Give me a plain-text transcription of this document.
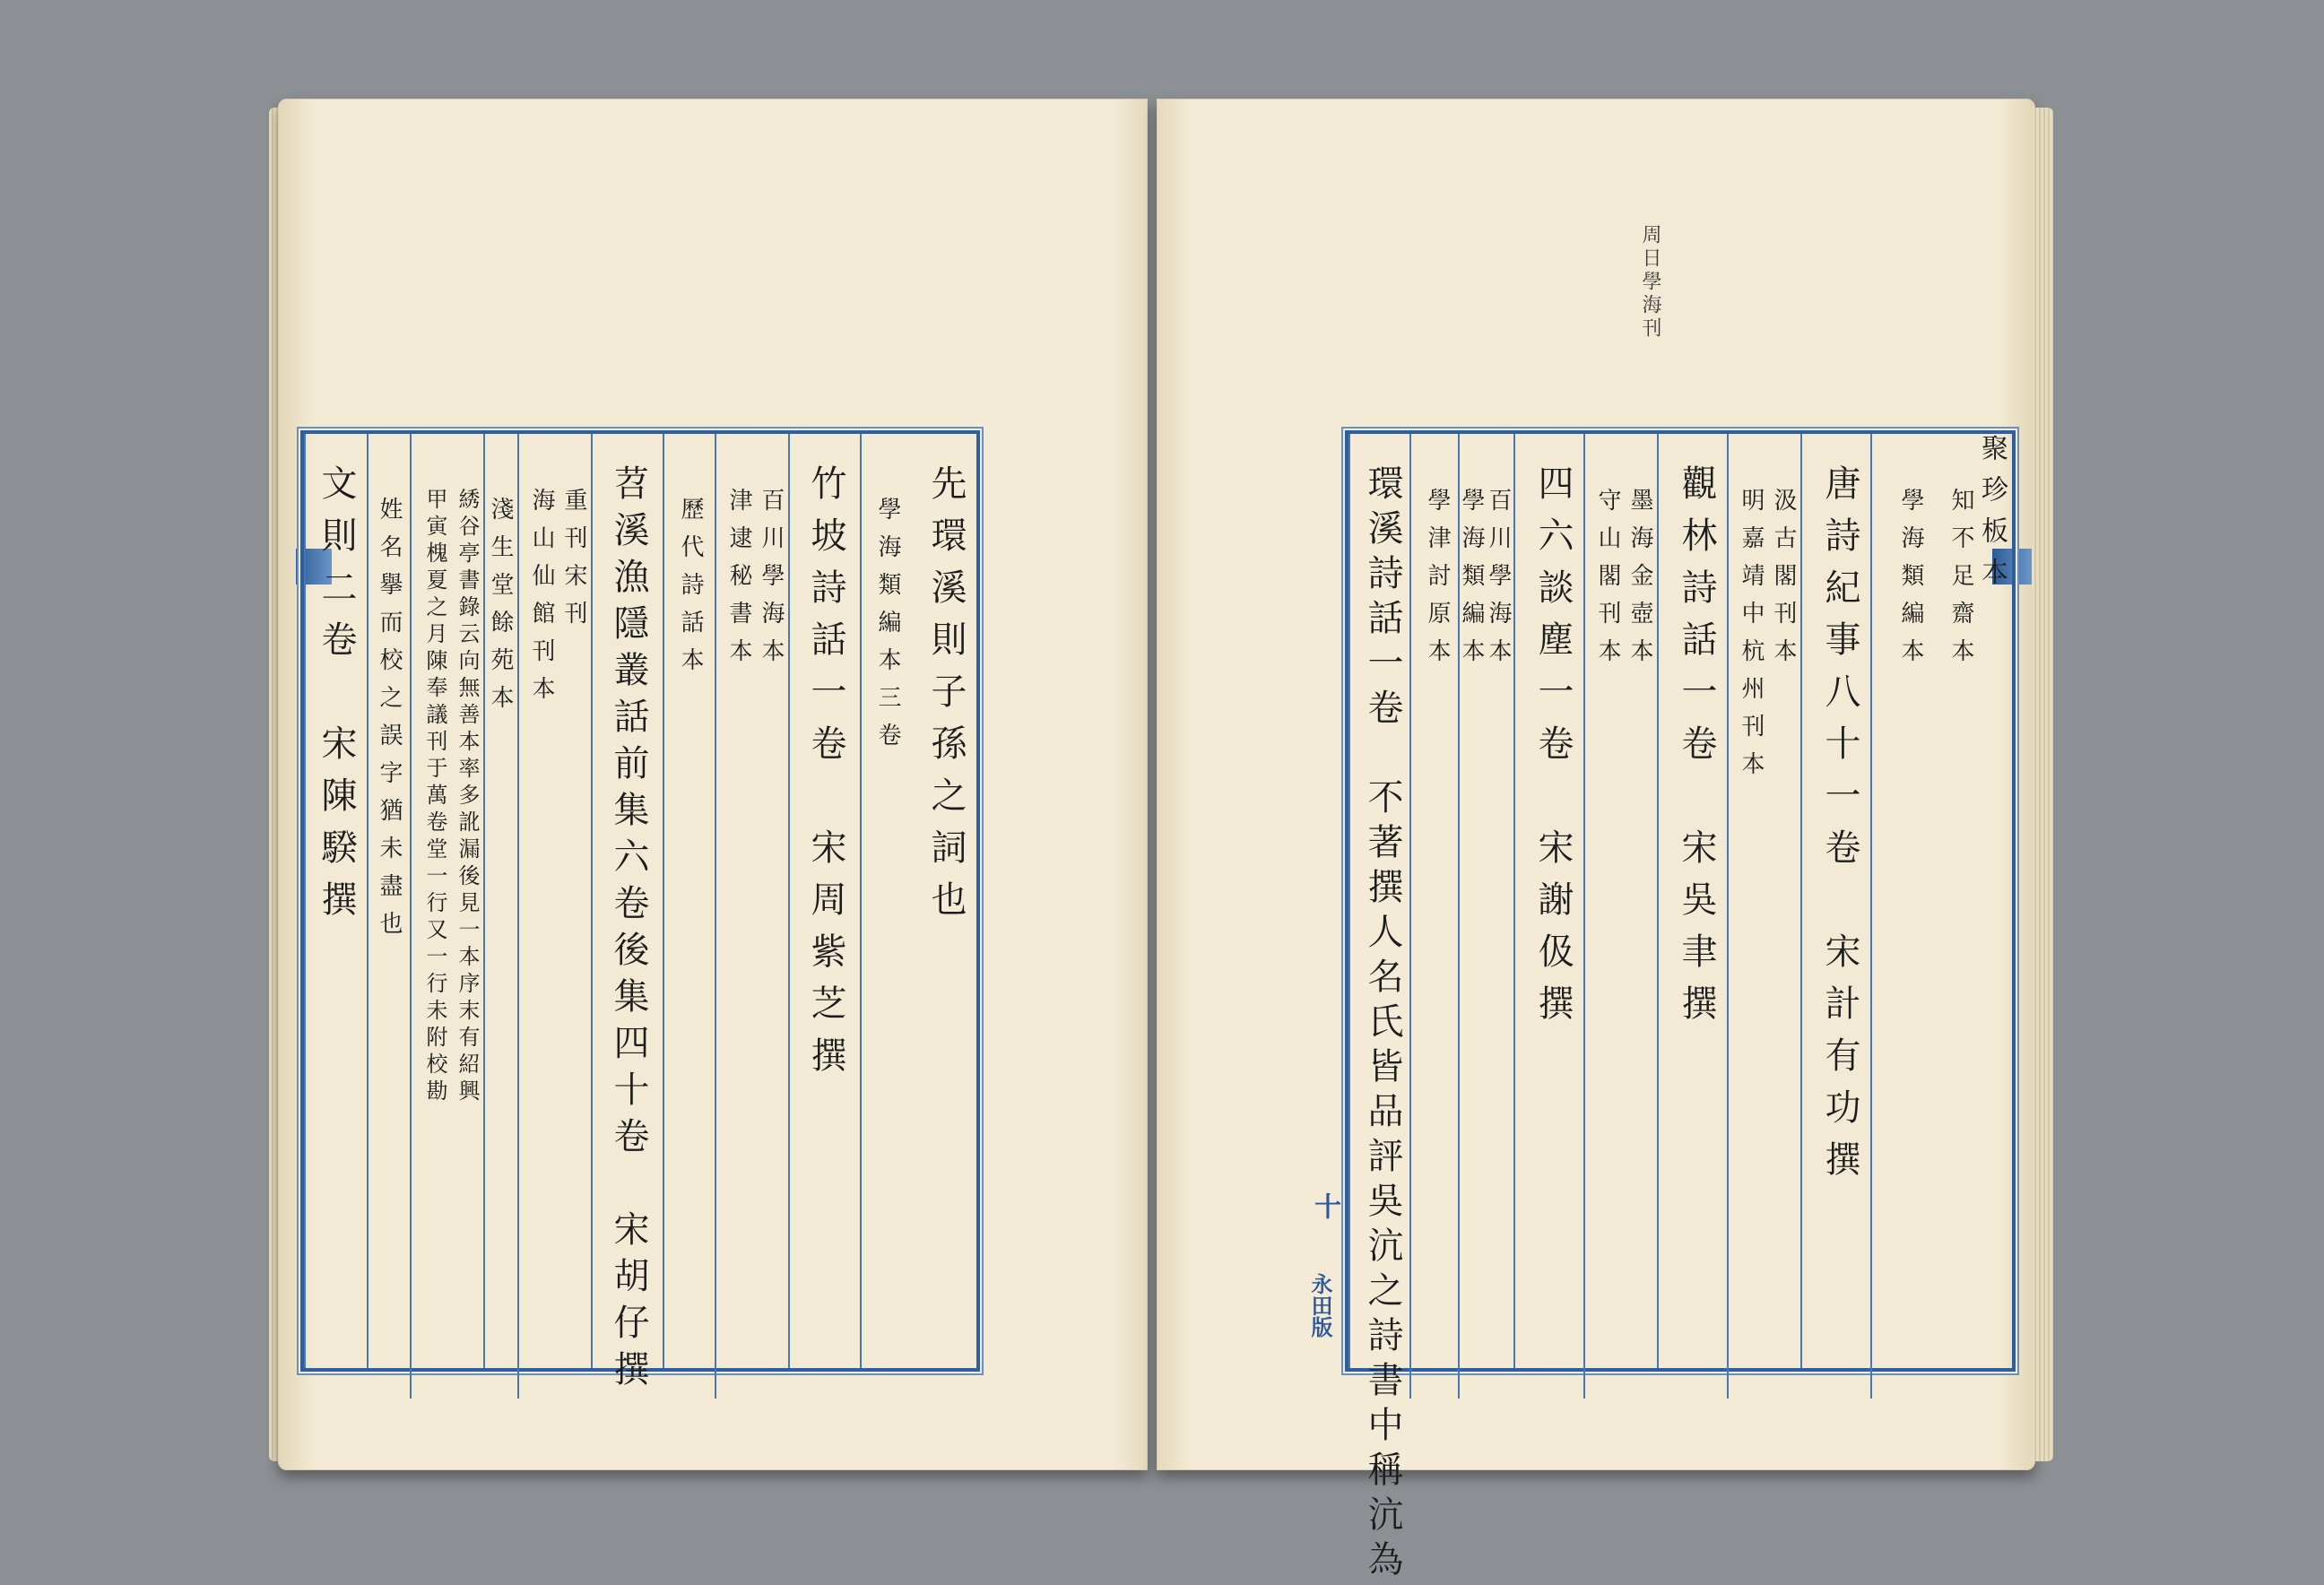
周日學海刊
聚珍板本
知不足齋本
學海類編本
唐詩紀事八十一卷　宋計有功撰
汲古閣刊本
明嘉靖中杭州刊本
觀林詩話一卷　宋吳聿撰
墨海金壺本
守山閣刊本
四六談塵一卷　宋謝伋撰
百川學海本
學海類編本
學津討原本
環溪詩話一卷　不著撰人名氏皆品評吳沆之詩書中稱沆為
十
永田版
先環溪則子孫之詞也
學海類編本三卷
竹坡詩話一卷　宋周紫芝撰
百川學海本
津逮秘書本
歷代詩話本
苕溪漁隱叢話前集六卷後集四十卷　宋胡仔撰
重刊宋刊
海山仙館刊本
淺生堂餘苑本
綉谷亭書錄云向無善本率多訛漏後見一本序末有紹興
甲寅槐夏之月陳奉議刊于萬卷堂一行又一行未附校勘
姓名擧而校之誤字猶未盡也
文則二卷　宋陳騤撰
